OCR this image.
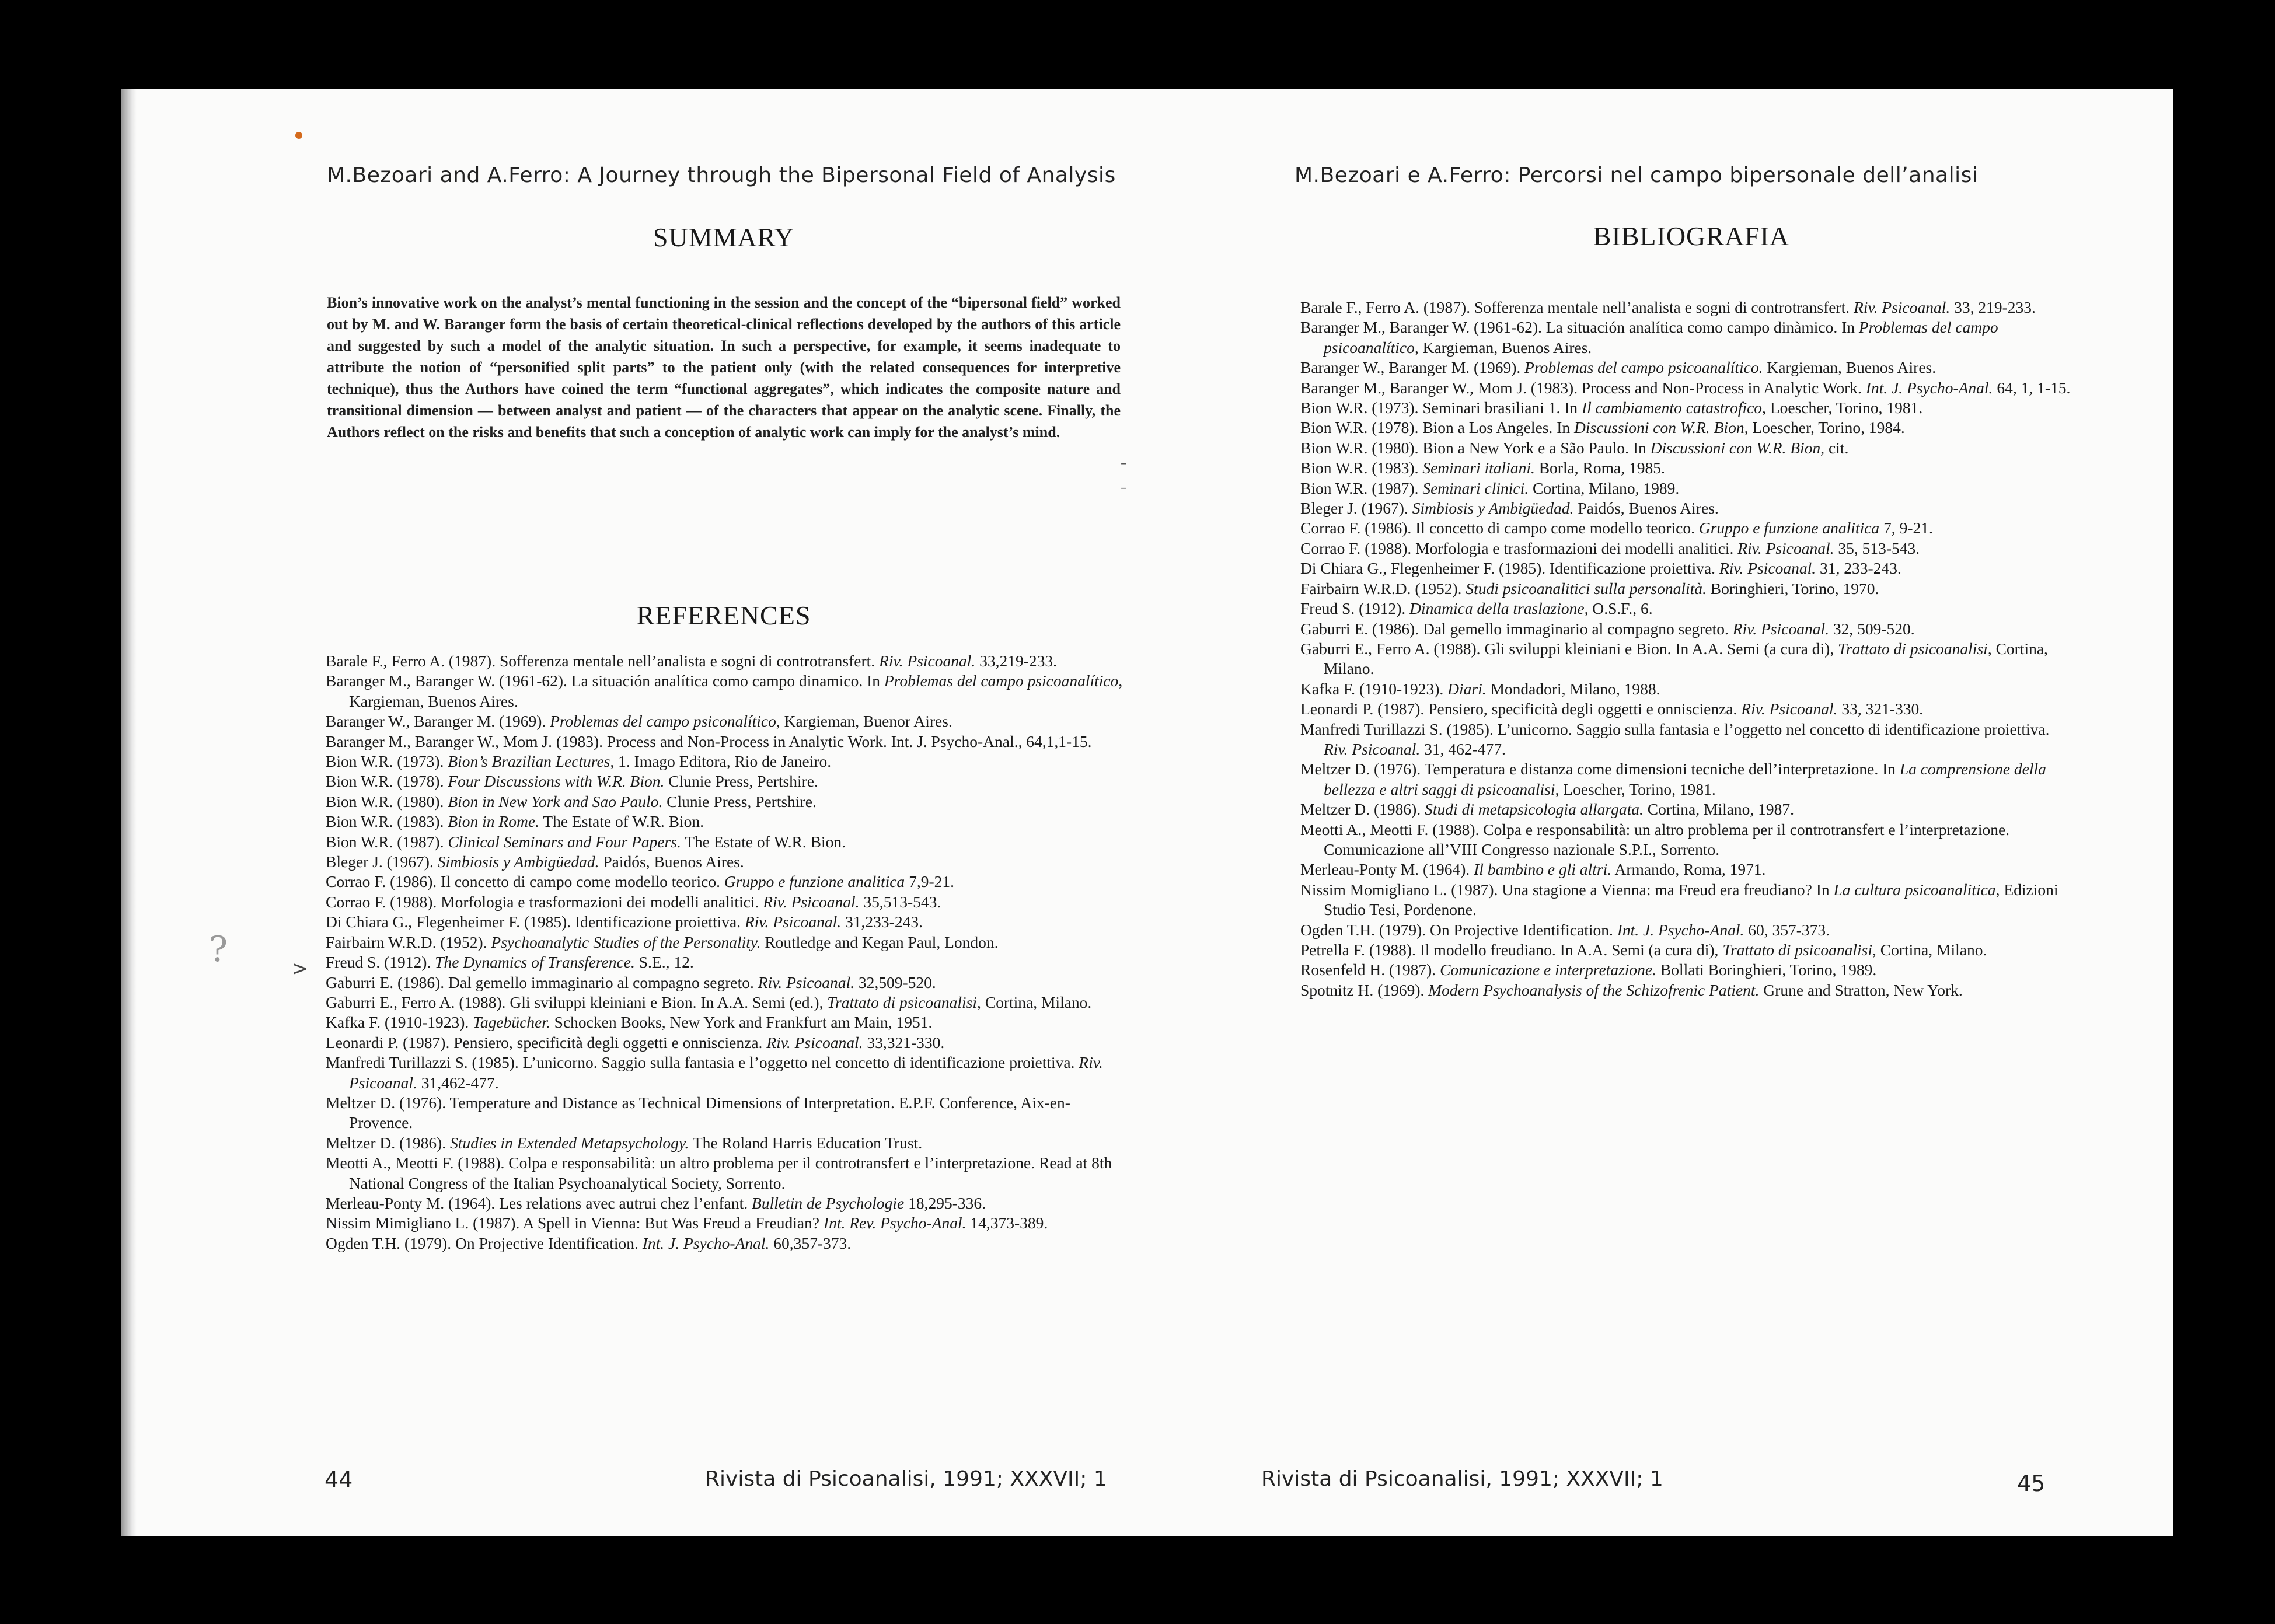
M.Bezoari and A.Ferro: A Journey through the Bipersonal Field of Analysis
SUMMARY

Bion’s innovative work on the analyst’s mental functioning in the session and the concept of the “bipersonal field” worked out by M. and W. Baranger form the basis of certain theoretical-clinical reflections developed by the authors of this article and suggested by such a model of the analytic situation. In such a perspective, for example, it seems inadequate to attribute the notion of “personified split parts” to the patient only (with the related consequences for interpretive technique), thus the Authors have coined the term “functional aggregates”, which indicates the composite nature and transitional dimension — between analyst and patient — of the characters that appear on the analytic scene. Finally, the Authors reflect on the risks and benefits that such a conception of analytic work can imply for the analyst’s mind.

–
–
REFERENCES
Barale F., Ferro A. (1987). Sofferenza mentale nell’analista e sogni di controtransfert. Riv. Psicoanal. 33,219-233.
Baranger M., Baranger W. (1961-62). La situación analítica como campo dinamico. In Problemas del campo psicoanalítico, Kargieman, Buenos Aires.
Baranger W., Baranger M. (1969). Problemas del campo psiconalítico, Kargieman, Buenor Aires.
Baranger M., Baranger W., Mom J. (1983). Process and Non-Process in Analytic Work. Int. J. Psycho-Anal., 64,1,1-15.
Bion W.R. (1973). Bion’s Brazilian Lectures, 1. Imago Editora, Rio de Janeiro.
Bion W.R. (1978). Four Discussions with W.R. Bion. Clunie Press, Pertshire.
Bion W.R. (1980). Bion in New York and Sao Paulo. Clunie Press, Pertshire.
Bion W.R. (1983). Bion in Rome. The Estate of W.R. Bion.
Bion W.R. (1987). Clinical Seminars and Four Papers. The Estate of W.R. Bion.
Bleger J. (1967). Simbiosis y Ambigüedad. Paidós, Buenos Aires.
Corrao F. (1986). Il concetto di campo come modello teorico. Gruppo e funzione analitica 7,9-21.
Corrao F. (1988). Morfologia e trasformazioni dei modelli analitici. Riv. Psicoanal. 35,513-543.
Di Chiara G., Flegenheimer F. (1985). Identificazione proiettiva. Riv. Psicoanal. 31,233-243.
Fairbairn W.R.D. (1952). Psychoanalytic Studies of the Personality. Routledge and Kegan Paul, London.
Freud S. (1912). The Dynamics of Transference. S.E., 12.
Gaburri E. (1986). Dal gemello immaginario al compagno segreto. Riv. Psicoanal. 32,509-520.
Gaburri E., Ferro A. (1988). Gli sviluppi kleiniani e Bion. In A.A. Semi (ed.), Trattato di psicoanalisi, Cortina, Milano.
Kafka F. (1910-1923). Tagebücher. Schocken Books, New York and Frankfurt am Main, 1951.
Leonardi P. (1987). Pensiero, specificità degli oggetti e onniscienza. Riv. Psicoanal. 33,321-330.
Manfredi Turillazzi S. (1985). L’unicorno. Saggio sulla fantasia e l’oggetto nel concetto di identificazione proiettiva. Riv. Psicoanal. 31,462-477.
Meltzer D. (1976). Temperature and Distance as Technical Dimensions of Interpretation. E.P.F. Conference, Aix-en-Provence.
Meltzer D. (1986). Studies in Extended Metapsychology. The Roland Harris Education Trust.
Meotti A., Meotti F. (1988). Colpa e responsabilità: un altro problema per il controtransfert e l’interpretazione. Read at 8th National Congress of the Italian Psychoanalytical Society, Sorrento.
Merleau-Ponty M. (1964). Les relations avec autrui chez l’enfant. Bulletin de Psychologie 18,295-336.
Nissim Mimigliano L. (1987). A Spell in Vienna: But Was Freud a Freudian? Int. Rev. Psycho-Anal. 14,373-389.
Ogden T.H. (1979). On Projective Identification. Int. J. Psycho-Anal. 60,357-373.
?	>
44	Rivista di Psicoanalisi, 1991; XXXVII; 1
M.Bezoari e A.Ferro: Percorsi nel campo bipersonale dell’analisi
BIBLIOGRAFIA
Barale F., Ferro A. (1987). Sofferenza mentale nell’analista e sogni di controtransfert. Riv. Psicoanal. 33, 219-233.
Baranger M., Baranger W. (1961-62). La situación analítica como campo dinàmico. In Problemas del campo psicoanalítico, Kargieman, Buenos Aires.
Baranger W., Baranger M. (1969). Problemas del campo psicoanalítico. Kargieman, Buenos Aires.
Baranger M., Baranger W., Mom J. (1983). Process and Non-Process in Analytic Work. Int. J. Psycho-Anal. 64, 1, 1-15.
Bion W.R. (1973). Seminari brasiliani 1. In Il cambiamento catastrofico, Loescher, Torino, 1981.
Bion W.R. (1978). Bion a Los Angeles. In Discussioni con W.R. Bion, Loescher, Torino, 1984.
Bion W.R. (1980). Bion a New York e a São Paulo. In Discussioni con W.R. Bion, cit.
Bion W.R. (1983). Seminari italiani. Borla, Roma, 1985.
Bion W.R. (1987). Seminari clinici. Cortina, Milano, 1989.
Bleger J. (1967). Simbiosis y Ambigüedad. Paidós, Buenos Aires.
Corrao F. (1986). Il concetto di campo come modello teorico. Gruppo e funzione analitica 7, 9-21.
Corrao F. (1988). Morfologia e trasformazioni dei modelli analitici. Riv. Psicoanal. 35, 513-543.
Di Chiara G., Flegenheimer F. (1985). Identificazione proiettiva. Riv. Psicoanal. 31, 233-243.
Fairbairn W.R.D. (1952). Studi psicoanalitici sulla personalità. Boringhieri, Torino, 1970.
Freud S. (1912). Dinamica della traslazione, O.S.F., 6.
Gaburri E. (1986). Dal gemello immaginario al compagno segreto. Riv. Psicoanal. 32, 509-520.
Gaburri E., Ferro A. (1988). Gli sviluppi kleiniani e Bion. In A.A. Semi (a cura di), Trattato di psicoanalisi, Cortina, Milano.
Kafka F. (1910-1923). Diari. Mondadori, Milano, 1988.
Leonardi P. (1987). Pensiero, specificità degli oggetti e onniscienza. Riv. Psicoanal. 33, 321-330.
Manfredi Turillazzi S. (1985). L’unicorno. Saggio sulla fantasia e l’oggetto nel concetto di identificazione proiettiva. Riv. Psicoanal. 31, 462-477.
Meltzer D. (1976). Temperatura e distanza come dimensioni tecniche dell’interpretazione. In La comprensione della bellezza e altri saggi di psicoanalisi, Loescher, Torino, 1981.
Meltzer D. (1986). Studi di metapsicologia allargata. Cortina, Milano, 1987.
Meotti A., Meotti F. (1988). Colpa e responsabilità: un altro problema per il controtransfert e l’interpretazione. Comunicazione all’VIII Congresso nazionale S.P.I., Sorrento.
Merleau-Ponty M. (1964). Il bambino e gli altri. Armando, Roma, 1971.
Nissim Momigliano L. (1987). Una stagione a Vienna: ma Freud era freudiano? In La cultura psicoanalitica, Edizioni Studio Tesi, Pordenone.
Ogden T.H. (1979). On Projective Identification. Int. J. Psycho-Anal. 60, 357-373.
Petrella F. (1988). Il modello freudiano. In A.A. Semi (a cura di), Trattato di psicoanalisi, Cortina, Milano.
Rosenfeld H. (1987). Comunicazione e interpretazione. Bollati Boringhieri, Torino, 1989.
Spotnitz H. (1969). Modern Psychoanalysis of the Schizofrenic Patient. Grune and Stratton, New York.
Rivista di Psicoanalisi, 1991; XXXVII; 1	45
